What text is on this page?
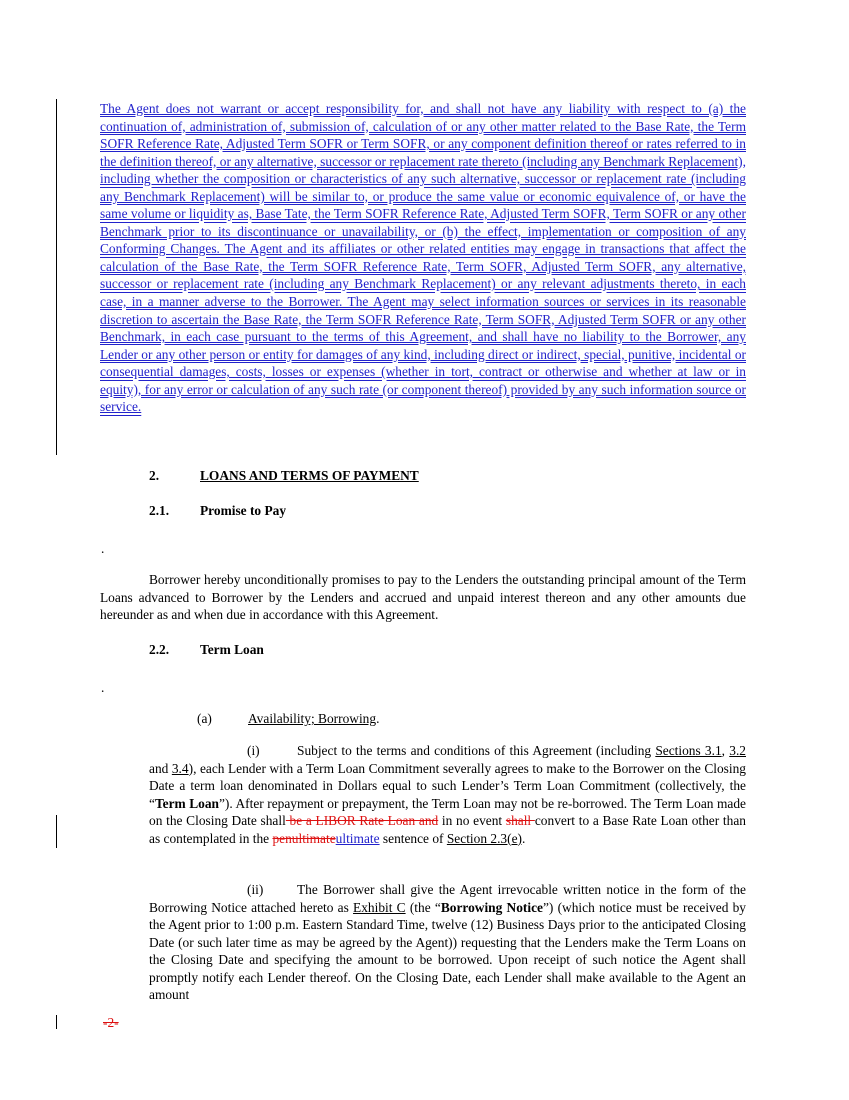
The Agent does not warrant or accept responsibility for, and shall not have any liability with respect to (a) the continuation of, administration of, submission of, calculation of or any other matter related to the Base Rate, the Term SOFR Reference Rate, Adjusted Term SOFR or Term SOFR, or any component definition thereof or rates referred to in the definition thereof, or any alternative, successor or replacement rate thereto (including any Benchmark Replacement), including whether the composition or characteristics of any such alternative, successor or replacement rate (including any Benchmark Replacement) will be similar to, or produce the same value or economic equivalence of, or have the same volume or liquidity as, Base Tate, the Term SOFR Reference Rate, Adjusted Term SOFR, Term SOFR or any other Benchmark prior to its discontinuance or unavailability, or (b) the effect, implementation or composition of any Conforming Changes. The Agent and its affiliates or other related entities may engage in transactions that affect the calculation of the Base Rate, the Term SOFR Reference Rate, Term SOFR, Adjusted Term SOFR, any alternative, successor or replacement rate (including any Benchmark Replacement) or any relevant adjustments thereto, in each case, in a manner adverse to the Borrower. The Agent may select information sources or services in its reasonable discretion to ascertain the Base Rate, the Term SOFR Reference Rate, Term SOFR, Adjusted Term SOFR or any other Benchmark, in each case pursuant to the terms of this Agreement, and shall have no liability to the Borrower, any Lender or any other person or entity for damages of any kind, including direct or indirect, special, punitive, incidental or consequential damages, costs, losses or expenses (whether in tort, contract or otherwise and whether at law or in equity), for any error or calculation of any such rate (or component thereof) provided by any such information source or service.

2.	LOANS AND TERMS OF PAYMENT

2.1. Promise to Pay

.

Borrower hereby unconditionally promises to pay to the Lenders the outstanding principal amount of the Term Loans advanced to Borrower by the Lenders and accrued and unpaid interest thereon and any other amounts due hereunder as and when due in accordance with this Agreement.

2.2. Term Loan

.

(a)	Availability; Borrowing.

(i)	Subject to the terms and conditions of this Agreement (including Sections 3.1, 3.2 and 3.4), each Lender with a Term Loan Commitment severally agrees to make to the Borrower on the Closing Date a term loan denominated in Dollars equal to such Lender’s Term Loan Commitment (collectively, the “Term Loan”). After repayment or prepayment, the Term Loan may not be re-borrowed. The Term Loan made on the Closing Date shall be a LIBOR Rate Loan and in no event shall convert to a Base Rate Loan other than as contemplated in the penultimateultimate sentence of Section 2.3(e).

(ii)	The Borrower shall give the Agent irrevocable written notice in the form of the Borrowing Notice attached hereto as Exhibit C (the “Borrowing Notice”) (which notice must be received by the Agent prior to 1:00 p.m. Eastern Standard Time, twelve (12) Business Days prior to the anticipated Closing Date (or such later time as may be agreed by the Agent)) requesting that the Lenders make the Term Loans on the Closing Date and specifying the amount to be borrowed. Upon receipt of such notice the Agent shall promptly notify each Lender thereof. On the Closing Date, each Lender shall make available to the Agent an amount

-2-
